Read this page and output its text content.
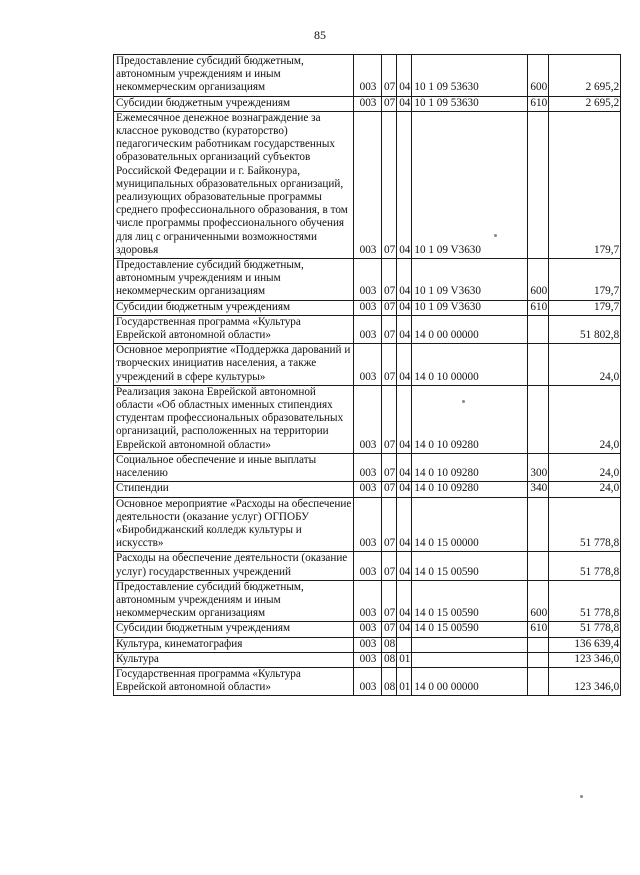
85
Предоставление субсидий бюджетным, автономным учреждениям и иным некоммерческим организациям	003	07	04	10 1 09 53630	600	2 695,2
Субсидии бюджетным учреждениям	003	07	04	10 1 09 53630	610	2 695,2
Ежемесячное денежное вознаграждение за классное руководство (кураторство) педагогическим работникам государственных образовательных организаций субъектов Российской Федерации и г. Байконура, муниципальных образовательных организаций, реализующих образовательные программы среднего профессионального образования, в том числе программы профессионального обучения для лиц с ограниченными возможностями здоровья	003	07	04	10 1 09 V3630		179,7
Предоставление субсидий бюджетным, автономным учреждениям и иным некоммерческим организациям	003	07	04	10 1 09 V3630	600	179,7
Субсидии бюджетным учреждениям	003	07	04	10 1 09 V3630	610	179,7
Государственная программа «Культура Еврейской автономной области»	003	07	04	14 0 00 00000		51 802,8
Основное мероприятие «Поддержка дарований и творческих инициатив населения, а также учреждений в сфере культуры»	003	07	04	14 0 10 00000		24,0
Реализация закона Еврейской автономной области «Об областных именных стипендиях студентам профессиональных образовательных организаций, расположенных на территории Еврейской автономной области»	003	07	04	14 0 10 09280		24,0
Социальное обеспечение и иные выплаты населению	003	07	04	14 0 10 09280	300	24,0
Стипендии	003	07	04	14 0 10 09280	340	24,0
Основное мероприятие «Расходы на обеспечение деятельности (оказание услуг) ОГПОБУ «Биробиджанский колледж культуры и искусств»	003	07	04	14 0 15 00000		51 778,8
Расходы на обеспечение деятельности (оказание услуг) государственных учреждений	003	07	04	14 0 15 00590		51 778,8
Предоставление субсидий бюджетным, автономным учреждениям и иным некоммерческим организациям	003	07	04	14 0 15 00590	600	51 778,8
Субсидии бюджетным учреждениям	003	07	04	14 0 15 00590	610	51 778,8
Культура, кинематография	003	08				136 639,4
Культура	003	08	01			123 346,0
Государственная программа «Культура Еврейской автономной области»	003	08	01	14 0 00 00000		123 346,0
